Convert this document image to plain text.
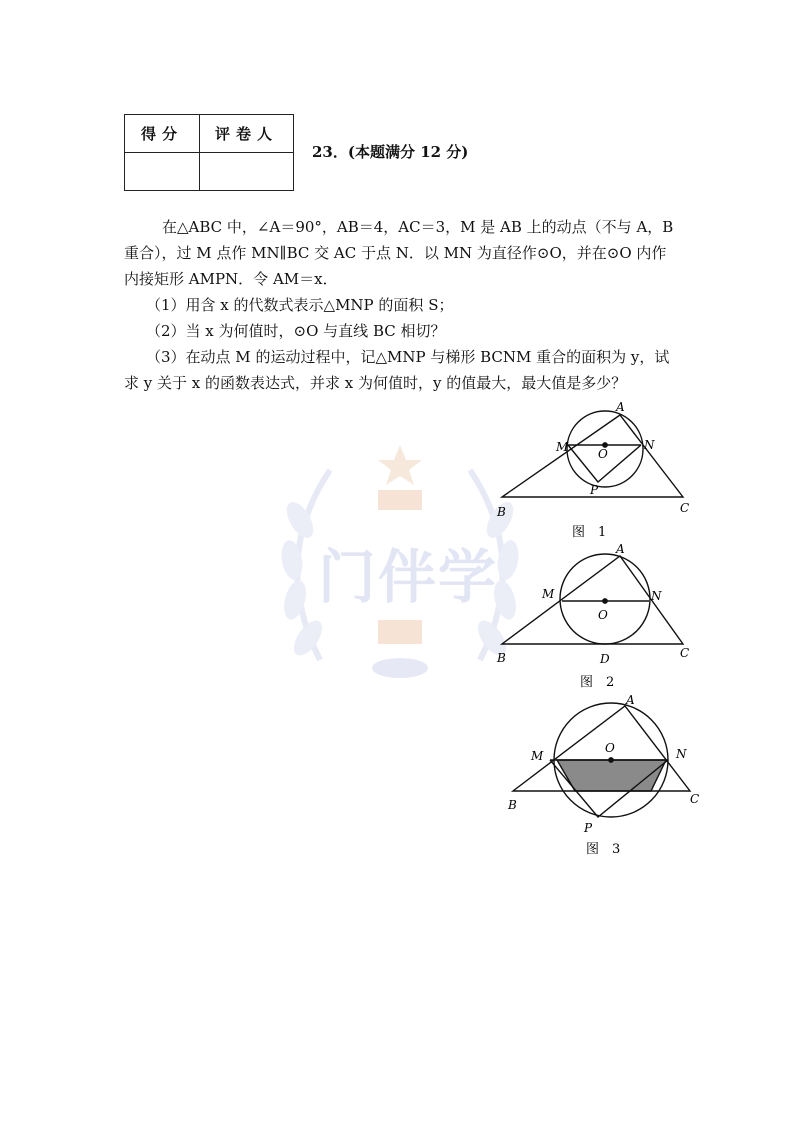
门伴学
得分	评卷人

23．(本题满分 12 分)

在△ABC 中，∠A＝90°，AB＝4，AC＝3，M 是 AB 上的动点（不与 A，B

重合），过 M 点作 MN∥BC 交 AC 于点 N．以 MN 为直径作⊙O，并在⊙O 内作

内接矩形 AMPN．令 AM＝x．

（1）用含 x 的代数式表示△MNP 的面积 S；

（2）当 x 为何值时，⊙O 与直线 BC 相切？

（3）在动点 M 的运动过程中，记△MNP 与梯形 BCNM 重合的面积为 y，试

求 y 关于 x 的函数表达式，并求 x 为何值时，y 的值最大，最大值是多少？

A
M	N
O
P
B	C
图　1
A
M	N
O
B	C
D
图　2
A
M	N
O
P
B	C
图　3
